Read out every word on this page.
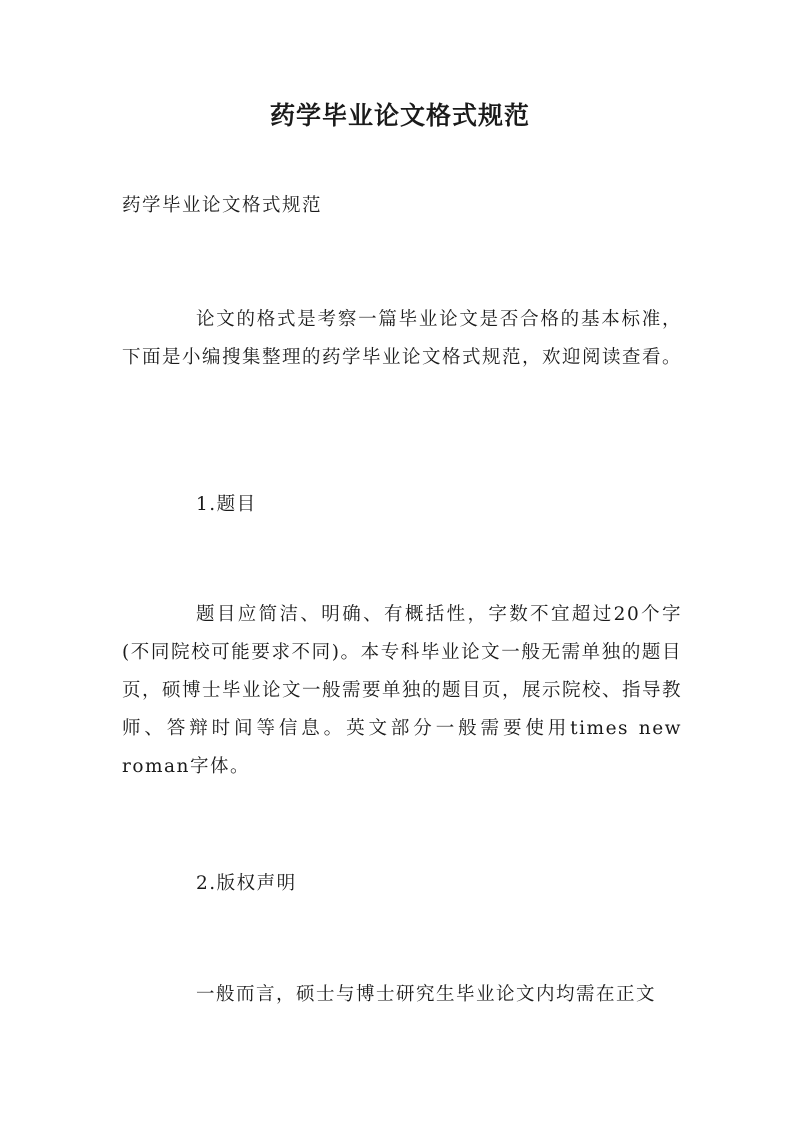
药学毕业论文格式规范

药学毕业论文格式规范

论文的格式是考察一篇毕业论文是否合格的基本标准，下面是小编搜集整理的药学毕业论文格式规范，欢迎阅读查看。

1.题目

题目应简洁、明确、有概括性，字数不宜超过20个字(不同院校可能要求不同)。本专科毕业论文一般无需单独的题目页，硕博士毕业论文一般需要单独的题目页，展示院校、指导教师、答辩时间等信息。英文部分一般需要使用times new roman字体。

2.版权声明

一般而言，硕士与博士研究生毕业论文内均需在正文
